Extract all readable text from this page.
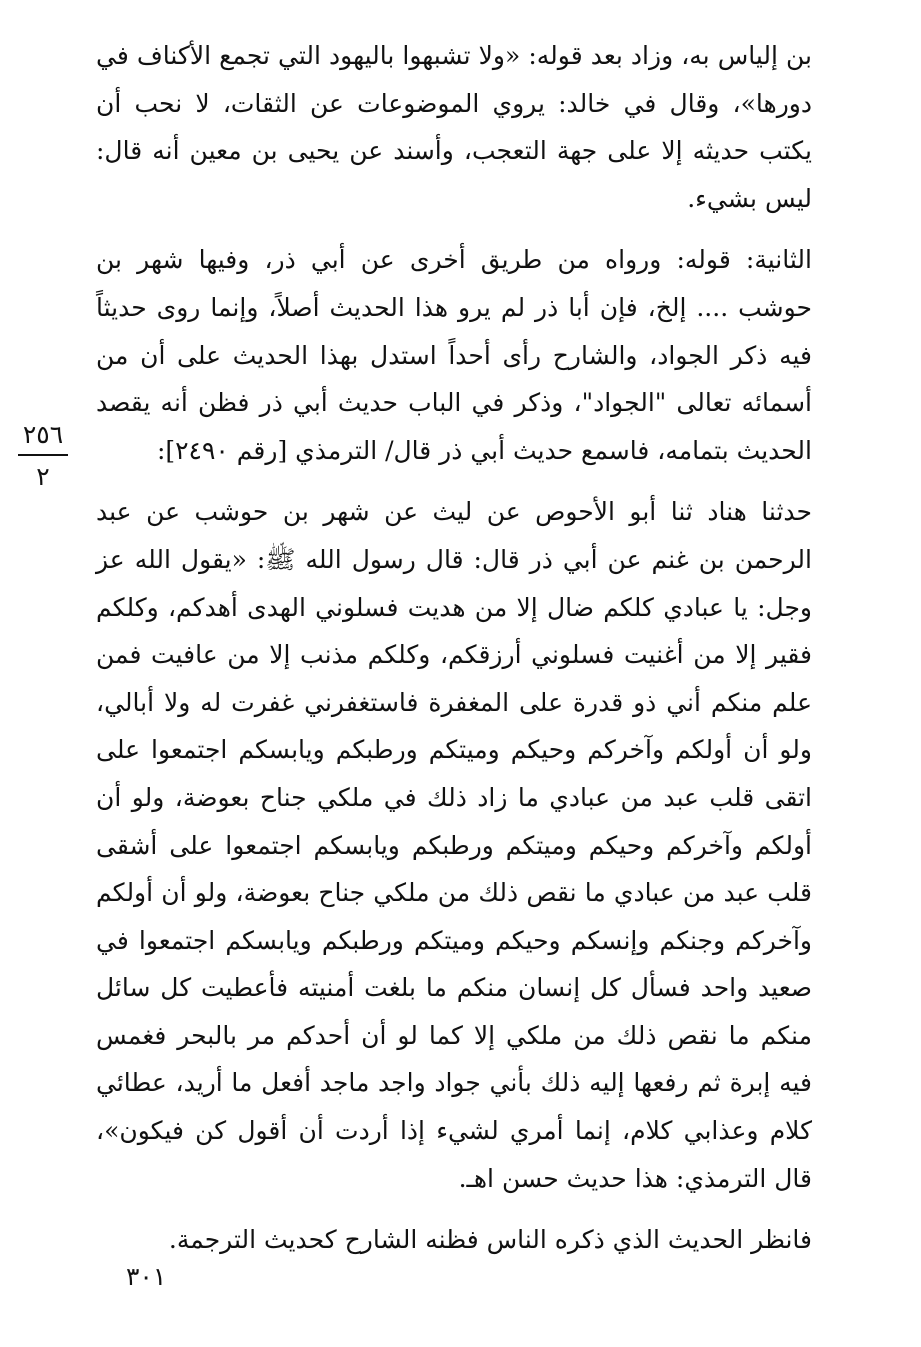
بن إلياس به، وزاد بعد قوله: «ولا تشبهوا باليهود التي تجمع الأكناف في دورها»، وقال في خالد: يروي الموضوعات عن الثقات، لا نحب أن يكتب حديثه إلا على جهة التعجب، وأسند عن يحيى بن معين أنه قال: ليس بشيء.

الثانية: قوله: ورواه من طريق أخرى عن أبي ذر، وفيها شهر بن حوشب .... إلخ، فإن أبا ذر لم يرو هذا الحديث أصلاً، وإنما روى حديثاً فيه ذكر الجواد، والشارح رأى أحداً استدل بهذا الحديث على أن من أسمائه تعالى "الجواد"، وذكر في الباب حديث أبي ذر فظن أنه يقصد الحديث بتمامه، فاسمع حديث أبي ذر قال/ الترمذي [رقم ٢٤٩٠]:

حدثنا هناد ثنا أبو الأحوص عن ليث عن شهر بن حوشب عن عبد الرحمن بن غنم عن أبي ذر قال: قال رسول الله ﷺ: «يقول الله عز وجل: يا عبادي كلكم ضال إلا من هديت فسلوني الهدى أهدكم، وكلكم فقير إلا من أغنيت فسلوني أرزقكم، وكلكم مذنب إلا من عافيت فمن علم منكم أني ذو قدرة على المغفرة فاستغفرني غفرت له ولا أبالي، ولو أن أولكم وآخركم وحيكم وميتكم ورطبكم ويابسكم اجتمعوا على اتقى قلب عبد من عبادي ما زاد ذلك في ملكي جناح بعوضة، ولو أن أولكم وآخركم وحيكم وميتكم ورطبكم ويابسكم اجتمعوا على أشقى قلب عبد من عبادي ما نقص ذلك من ملكي جناح بعوضة، ولو أن أولكم وآخركم وجنكم وإنسكم وحيكم وميتكم ورطبكم ويابسكم اجتمعوا في صعيد واحد فسأل كل إنسان منكم ما بلغت أمنيته فأعطيت كل سائل منكم ما نقص ذلك من ملكي إلا كما لو أن أحدكم مر بالبحر فغمس فيه إبرة ثم رفعها إليه ذلك بأني جواد واجد ماجد أفعل ما أريد، عطائي كلام وعذابي كلام، إنما أمري لشيء إذا أردت أن أقول كن فيكون»، قال الترمذي: هذا حديث حسن اهـ.

فانظر الحديث الذي ذكره الناس فظنه الشارح كحديث الترجمة.

٢٥٦
٢
٣٠١
